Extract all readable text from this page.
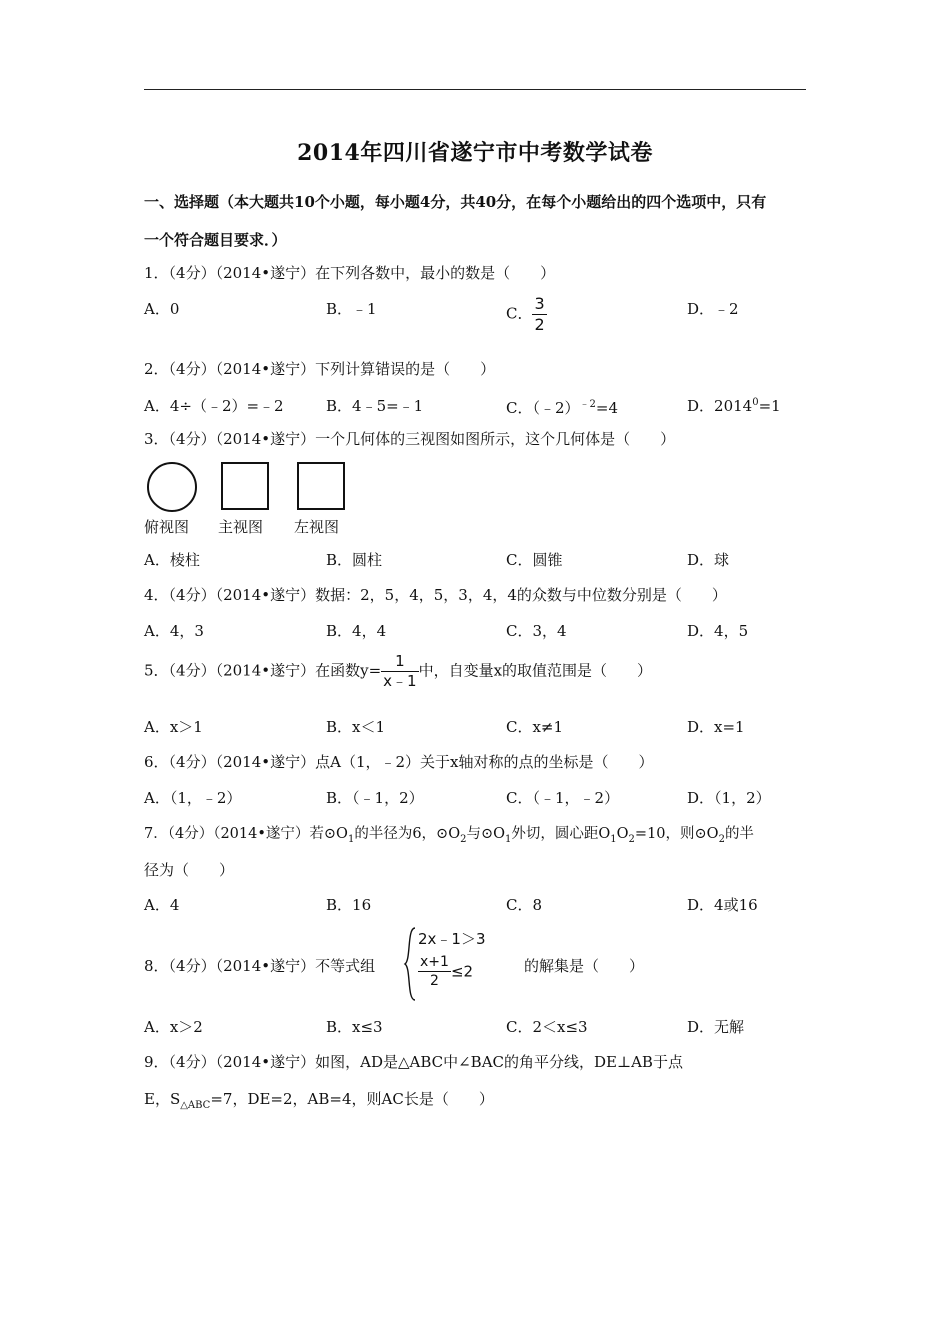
2014年四川省遂宁市中考数学试卷
一、选择题（本大题共10个小题，每小题4分，共40分，在每个小题给出的四个选项中，只有
一个符合题目要求．）
1．（4分）（2014•遂宁）在下列各数中，最小的数是（　　）
A．0	B．﹣1	C． $\frac{3}{2}$	D．﹣2
2．（4分）（2014•遂宁）下列计算错误的是（　　）
A．4÷（﹣2）=﹣2	B．4﹣5=﹣1	C．（﹣2）$^{﹣2}$=4	D．$2014^0=1$
3．（4分）（2014•遂宁）一个几何体的三视图如图所示，这个几何体是（　　）
俯视图 主视图 左视图
A．棱柱	B．圆柱	C．圆锥	D．球
4．（4分）（2014•遂宁）数据：2，5，4，5，3，4，4的众数与中位数分别是（　　）
A．4，3	B．4，4	C．3，4	D．4，5
5．（4分）（2014•遂宁）在函数$y= \frac{1}{x﹣1}$ 中，自变量x的取值范围是（　　）
A．x＞1	B．x＜1	C．x≠1	D．x=1
6．（4分）（2014•遂宁）点A（1，﹣2）关于x轴对称的点的坐标是（　　）
A．（1，﹣2）	B．（﹣1，2）	C．（﹣1，﹣2）	D．（1，2）
7．（4分）（2014•遂宁）若$⊙O_1$的半径为6，$⊙O_2$与$⊙O_1$外切，圆心距$O_1O_2=10$，则$⊙O_2$的半
径为（　　）
A．4	B．16	C．8	D．4或16
8．（4分）（2014•遂宁）不等式组
2x﹣1＞3
$\frac{x+1}{2} \le 2$	的解集是（　　）
A．x＞2	B．x≤3	C．2＜x≤3	D．无解
9．（4分）（2014•遂宁）如图，AD是△ABC中∠BAC的角平分线，DE⊥AB于点
E，$S_{\triangle ABC}=7$，DE=2，AB=4，则AC长是（　　）
